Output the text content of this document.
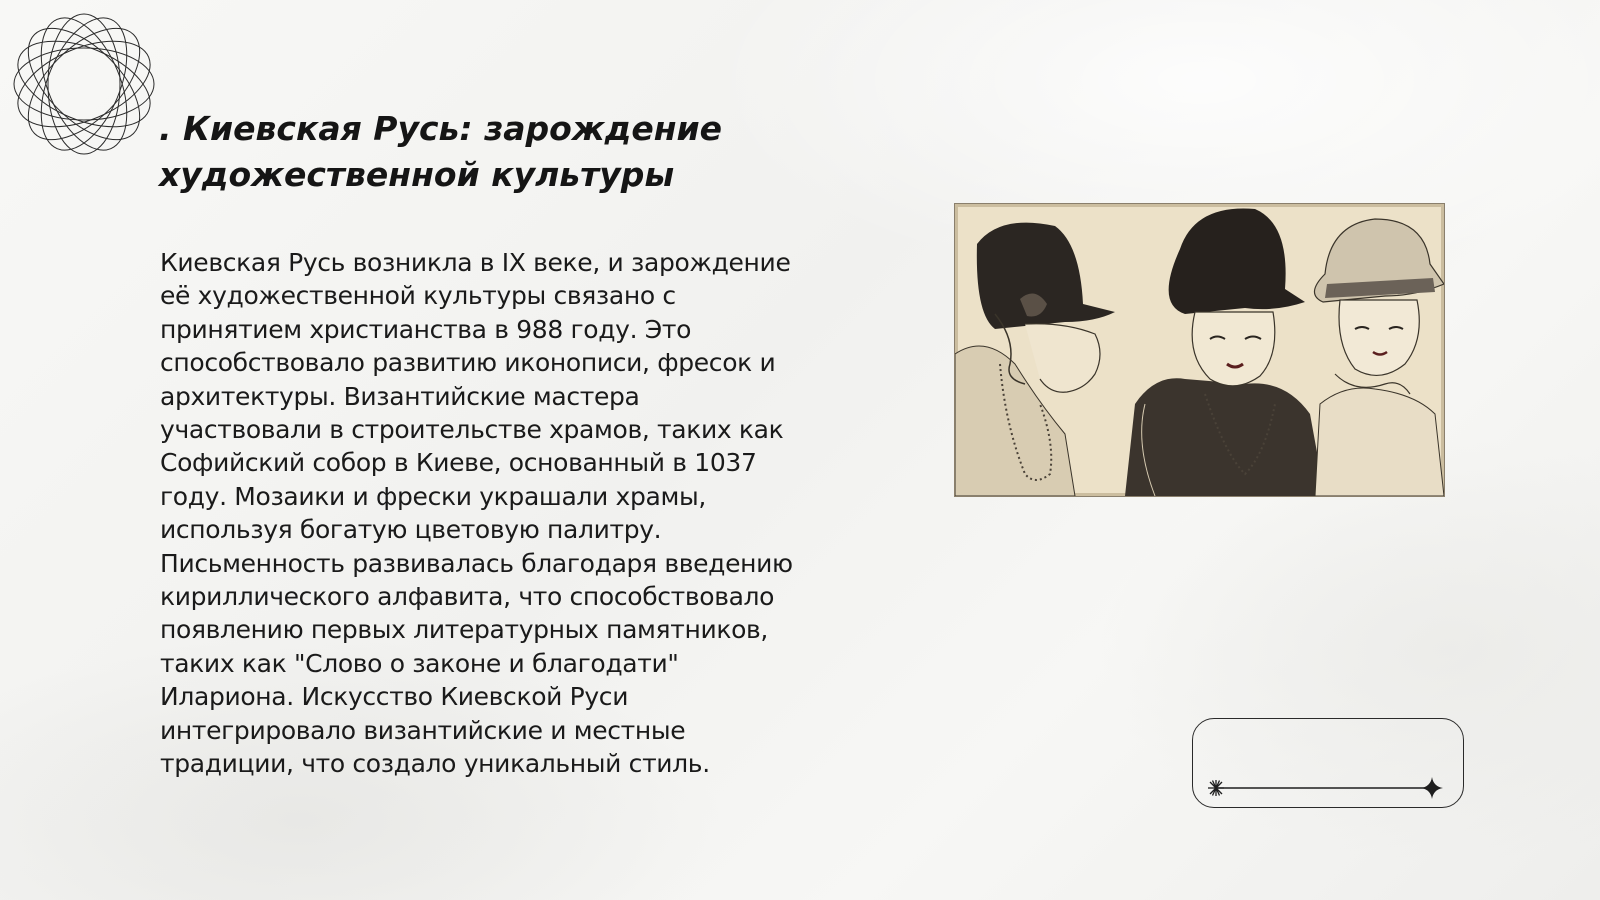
. Киевская Русь: зарождение художественной культуры

Киевская Русь возникла в IX веке, и зарождение
её художественной культуры связано с
принятием христианства в 988 году. Это
способствовало развитию иконописи, фресок и
архитектуры. Византийские мастера
участвовали в строительстве храмов, таких как
Софийский собор в Киеве, основанный в 1037
году. Мозаики и фрески украшали храмы,
используя богатую цветовую палитру.
Письменность развивалась благодаря введению
кириллического алфавита, что способствовало
появлению первых литературных памятников,
таких как "Слово о законе и благодати"
Илариона. Искусство Киевской Руси
интегрировало византийские и местные
традиции, что создало уникальный стиль.
